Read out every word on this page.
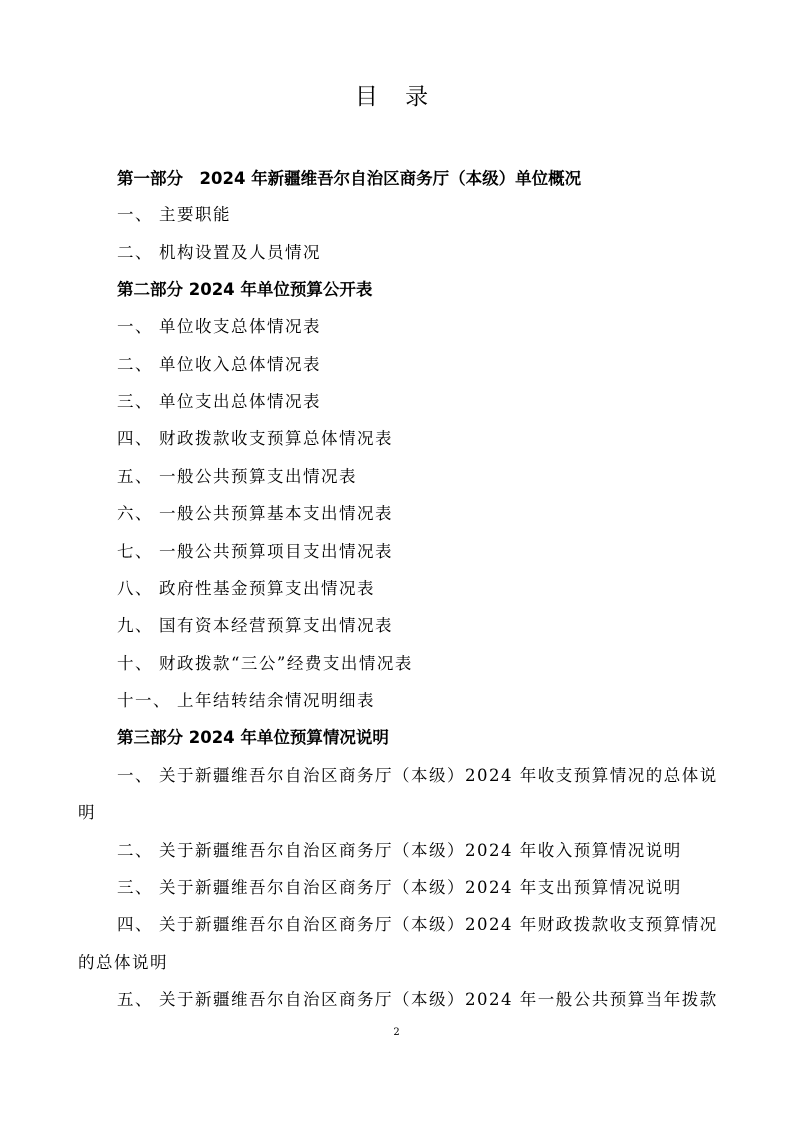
目 录
第一部分　2024 年新疆维吾尔自治区商务厅（本级）单位概况
一、 主要职能
二、 机构设置及人员情况
第二部分 2024 年单位预算公开表
一、 单位收支总体情况表
二、 单位收入总体情况表
三、 单位支出总体情况表
四、 财政拨款收支预算总体情况表
五、 一般公共预算支出情况表
六、 一般公共预算基本支出情况表
七、 一般公共预算项目支出情况表
八、 政府性基金预算支出情况表
九、 国有资本经营预算支出情况表
十、 财政拨款“三公”经费支出情况表
十一、 上年结转结余情况明细表
第三部分 2024 年单位预算情况说明
一、 关于新疆维吾尔自治区商务厅（本级）2024 年收支预算情况的总体说
明
二、 关于新疆维吾尔自治区商务厅（本级）2024 年收入预算情况说明
三、 关于新疆维吾尔自治区商务厅（本级）2024 年支出预算情况说明
四、 关于新疆维吾尔自治区商务厅（本级）2024 年财政拨款收支预算情况
的总体说明
五、 关于新疆维吾尔自治区商务厅（本级）2024 年一般公共预算当年拨款
2
